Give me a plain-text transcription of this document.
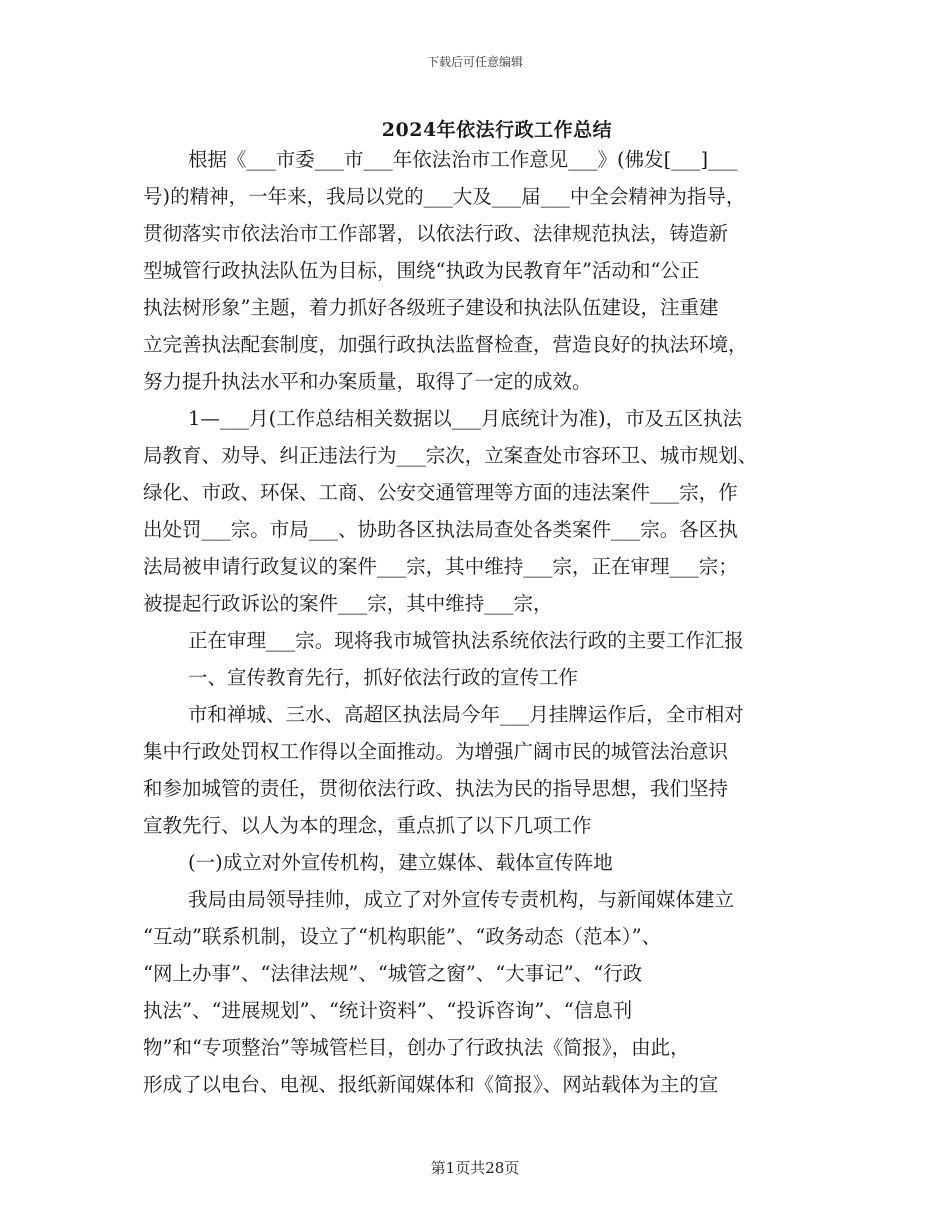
下载后可任意编辑
2024年依法行政工作总结
根据《___市委___市___年依法治市工作意见___》(佛发[___]___
号)的精神，一年来，我局以党的___大及___届___中全会精神为指导，
贯彻落实市依法治市工作部署，以依法行政、法律规范执法，铸造新
型城管行政执法队伍为目标，围绕“执政为民教育年”活动和“公正
执法树形象”主题，着力抓好各级班子建设和执法队伍建设，注重建
立完善执法配套制度，加强行政执法监督检查，营造良好的执法环境，
努力提升执法水平和办案质量，取得了一定的成效。
1—___月(工作总结相关数据以___月底统计为准)，市及五区执法
局教育、劝导、纠正违法行为___宗次，立案查处市容环卫、城市规划、
绿化、市政、环保、工商、公安交通管理等方面的违法案件___宗，作
出处罚___宗。市局___、协助各区执法局查处各类案件___宗。各区执
法局被申请行政复议的案件___宗，其中维持___宗，正在审理___宗；
被提起行政诉讼的案件___宗，其中维持___宗，
正在审理___宗。现将我市城管执法系统依法行政的主要工作汇报
一、宣传教育先行，抓好依法行政的宣传工作
市和禅城、三水、高超区执法局今年___月挂牌运作后，全市相对
集中行政处罚权工作得以全面推动。为增强广阔市民的城管法治意识
和参加城管的责任，贯彻依法行政、执法为民的指导思想，我们坚持
宣教先行、以人为本的理念，重点抓了以下几项工作
(一)成立对外宣传机构，建立媒体、载体宣传阵地
我局由局领导挂帅，成立了对外宣传专责机构，与新闻媒体建立
“互动”联系机制，设立了“机构职能”、“政务动态（范本）”、
“网上办事”、“法律法规”、“城管之窗”、“大事记”、“行政
执法”、“进展规划”、“统计资料”、“投诉咨询”、“信息刊
物”和“专项整治”等城管栏目，创办了行政执法《简报》，由此，
形成了以电台、电视、报纸新闻媒体和《简报》、网站载体为主的宣
第1页共28页
